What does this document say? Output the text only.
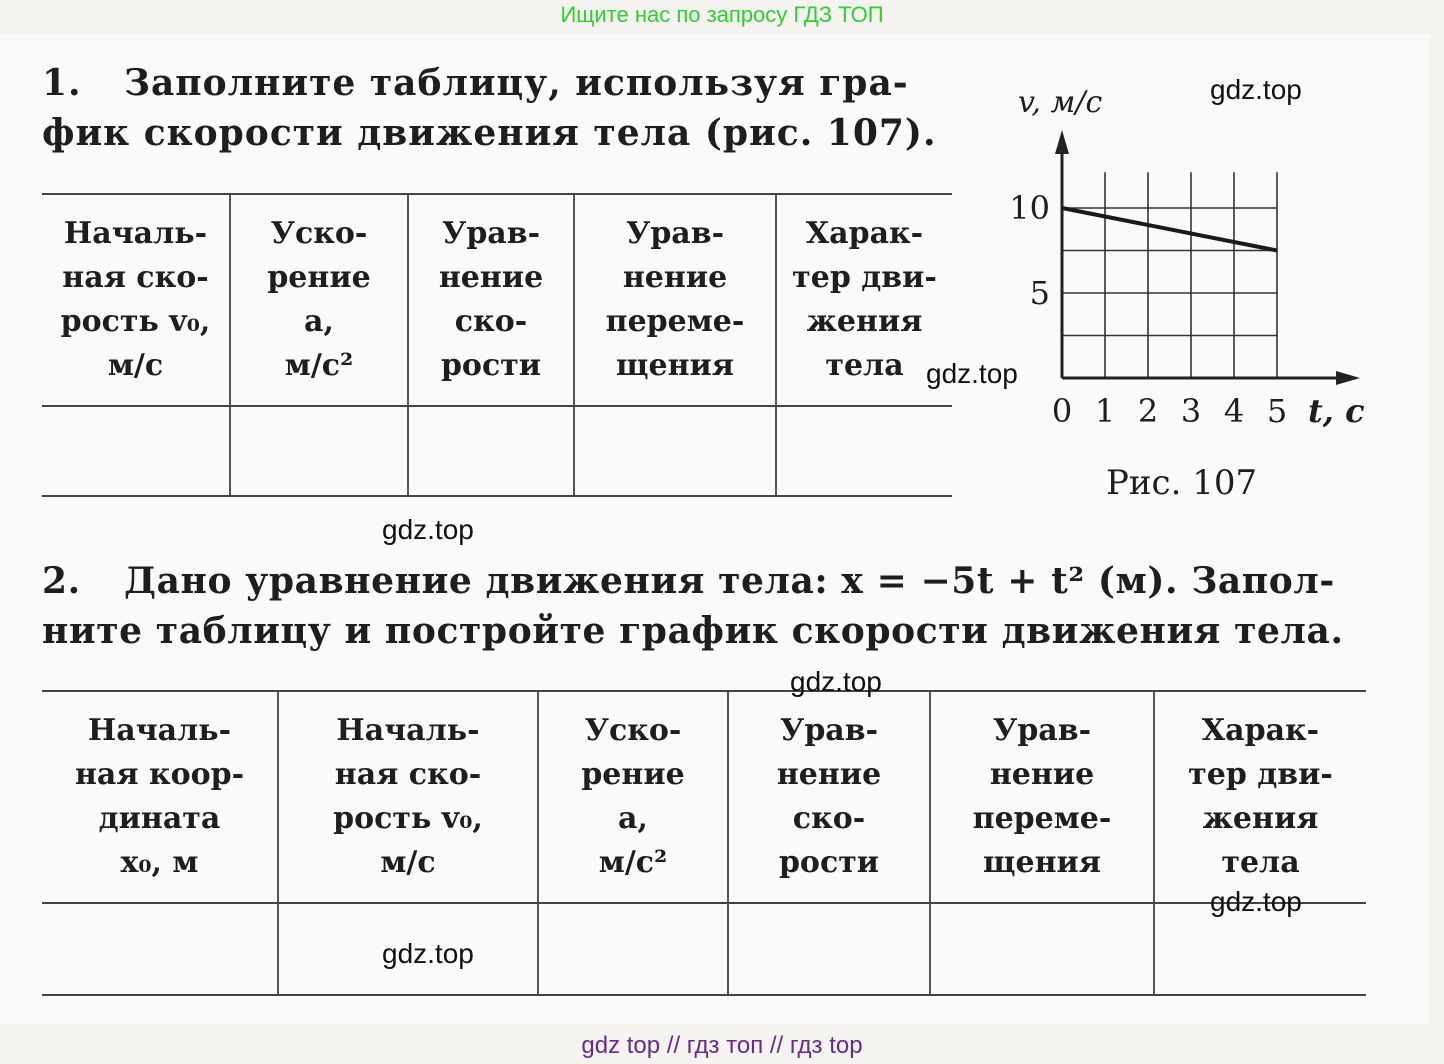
Ищите нас по запросу ГДЗ ТОП
1. Заполните таблицу, используя гра-
фик скорости движения тела (рис. 107).
Началь-
ная ско-
рость v₀,
м/с	Уско-
рение
a,
м/с²	Урав-
нение
ско-
рости	Урав-
нение
переме-
щения	Харак-
тер дви-
жения
тела

0 1 2 3 4 5
5
10
v, м/с
t, с
Рис. 107
2. Дано уравнение движения тела: x = −5t + t² (м). Запол-
ните таблицу и постройте график скорости движения тела.
Началь-
ная коор-
дината
x₀, м	Началь-
ная ско-
рость v₀,
м/с	Уско-
рение
a,
м/с²	Урав-
нение
ско-
рости	Урав-
нение
переме-
щения	Харак-
тер дви-
жения
тела

gdz.top
gdz.top
gdz.top
gdz.top
gdz.top
gdz.top
gdz top // гдз топ // гдз top
